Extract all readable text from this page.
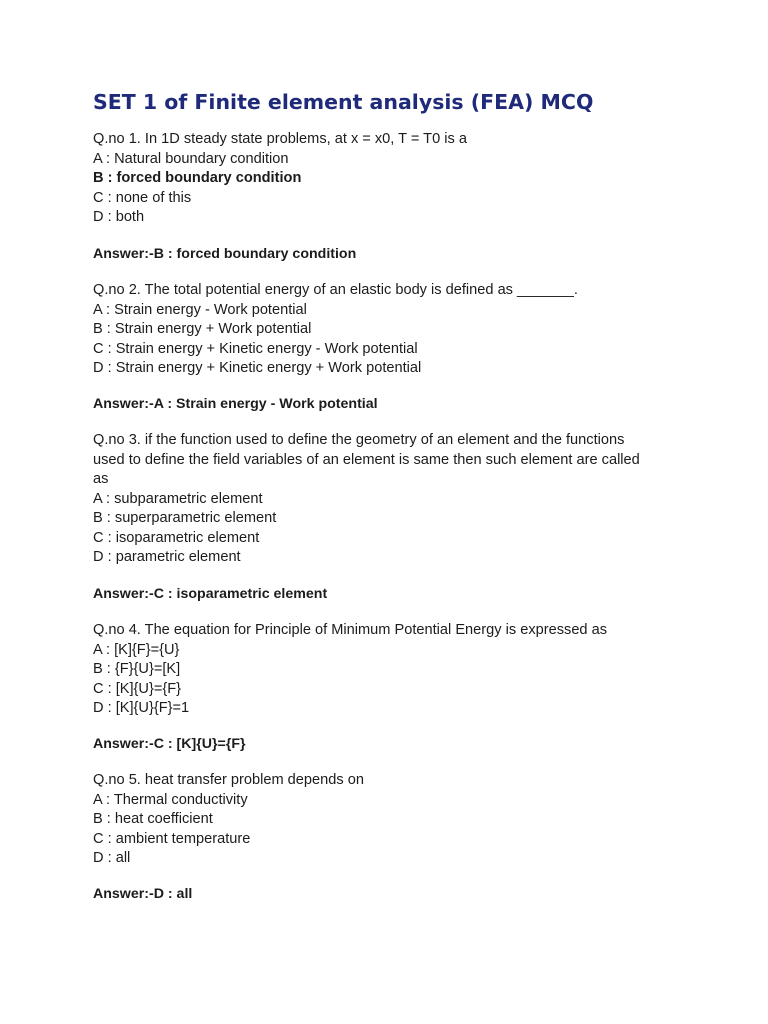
SET 1 of Finite element analysis (FEA) MCQ
Q.no 1. In 1D steady state problems, at x = x0, T = T0 is a
A : Natural boundary condition
B : forced boundary condition
C : none of this
D : both
Answer:-B : forced boundary condition
Q.no 2. The total potential energy of an elastic body is defined as _______.
A : Strain energy - Work potential
B : Strain energy + Work potential
C : Strain energy + Kinetic energy - Work potential
D : Strain energy + Kinetic energy + Work potential
Answer:-A : Strain energy - Work potential
Q.no 3. if the function used to define the geometry of an element and the functions
used to define the field variables of an element is same then such element are called
as
A : subparametric element
B : superparametric element
C : isoparametric element
D : parametric element
Answer:-C : isoparametric element
Q.no 4. The equation for Principle of Minimum Potential Energy is expressed as
A : [K]{F}={U}
B : {F}{U}=[K]
C : [K]{U}={F}
D : [K]{U}{F}=1
Answer:-C : [K]{U}={F}
Q.no 5. heat transfer problem depends on
A : Thermal conductivity
B : heat coefficient
C : ambient temperature
D : all
Answer:-D : all
